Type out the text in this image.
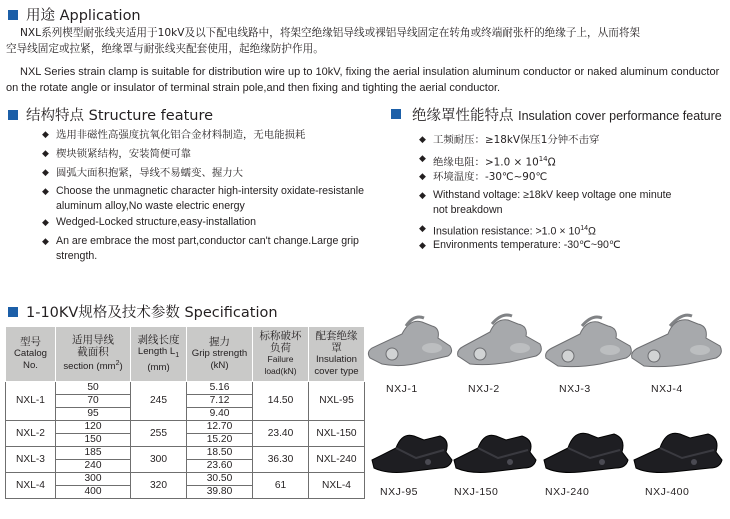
用途 Application
NXL系列楔型耐张线夹适用于10kV及以下配电线路中，将架空绝缘铝导线或裸铝导线固定在转角或终端耐张杆的绝缘子上，从而将架
空导线固定或拉紧，绝缘罩与耐张线夹配套使用，起绝缘防护作用。
NXL Series strain clamp is suitable for distribution wire up to 10kV, fixing the aerial insulation aluminum conductor or naked aluminum conductor
on the rotate angle or insulator of terminal strain pole,and then fixing and tighting the aerial conductor.
结构特点 Structure feature
◆ 选用非磁性高强度抗氧化铝合金材料制造，无电能损耗
◆ 楔块锁紧结构，安装简便可靠
◆ 圆弧大面积抱紧，导线不易蠕变、握力大
◆ Choose the unmagnetic character high-intersity oxidate-resistanle
aluminum alloy,No waste electric energy
◆ Wedged-Locked structure,easy-installation
◆ An are embrace the most part,conductor can't change.Large grip
strength.
绝缘罩性能特点 Insulation cover performance feature
◆ 工频耐压：≥18kV保压1分钟不击穿
◆ 绝缘电阻：$>1.0 \times 10^{14}\Omega$
◆ 环境温度：-30℃~90℃
◆ Withstand voltage: ≥18kV keep voltage one minute
not breakdown
◆ Insulation resistance: $>1.0 \times 10^{14}\Omega$
◆ Environments temperature: -30℃~90℃
1-10KV规格及技术参数 Specification
型号
Catalog
No.	适用导线
截面积
section $(mm^2)$	剥线长度
Length $L_1$
(mm)	握力
Grip strength
(kN)	标称破坏
负荷
Failure load(kN)	配套绝缘罩
Insulation
cover type
NXL-1	50	245	5.16	14.50	NXL-95
	70		7.12		
	95		9.40		
NXL-2	120	255	12.70	23.40	NXL-150
	150		15.20		
NXL-3	185	300	18.50	36.30	NXL-240
	240		23.60		
NXL-4	300	320	30.50	61	NXL-4
	400		39.80		
NXJ-1	NXJ-2	NXJ-3	NXJ-4
NXJ-95	NXJ-150	NXJ-240	NXJ-400
